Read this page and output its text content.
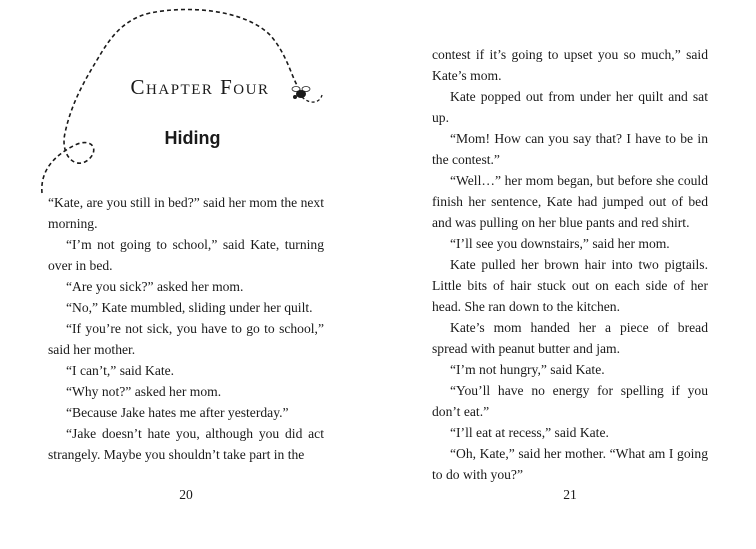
Chapter Four
Hiding

“Kate, are you still in bed?” said her mom the next morning.

“I’m not going to school,” said Kate, turning over in bed.

“Are you sick?” asked her mom.

“No,” Kate mumbled, sliding under her quilt.

“If you’re not sick, you have to go to school,” said her mother.

“I can’t,” said Kate.

“Why not?” asked her mom.

“Because Jake hates me after yesterday.”

“Jake doesn’t hate you, although you did act strangely. Maybe you shouldn’t take part in the

20

contest if it’s going to upset you so much,” said Kate’s mom.

Kate popped out from under her quilt and sat up.

“Mom! How can you say that? I have to be in the contest.”

“Well…” her mom began, but before she could finish her sentence, Kate had jumped out of bed and was pulling on her blue pants and red shirt.

“I’ll see you downstairs,” said her mom.

Kate pulled her brown hair into two pigtails. Little bits of hair stuck out on each side of her head. She ran down to the kitchen.

Kate’s mom handed her a piece of bread spread with peanut butter and jam.

“I’m not hungry,” said Kate.

“You’ll have no energy for spelling if you don’t eat.”

“I’ll eat at recess,” said Kate.

“Oh, Kate,” said her mother. “What am I going to do with you?”

21
